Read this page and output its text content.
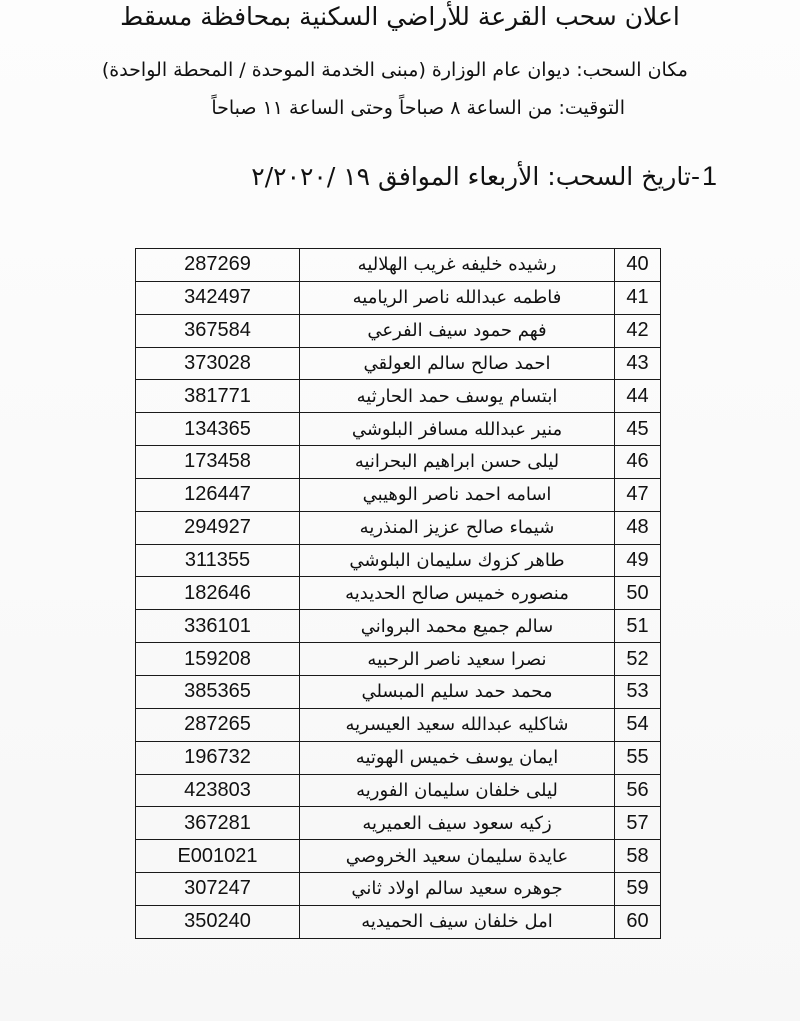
اعلان سحب القرعة للأراضي السكنية بمحافظة مسقط
مكان السحب: ديوان عام الوزارة (مبنى الخدمة الموحدة / المحطة الواحدة)
التوقيت: من الساعة ٨ صباحاً وحتى الساعة ١١ صباحاً
1-تاريخ السحب: الأربعاء الموافق ١٩ /٢/٢٠٢٠
287269	رشيده خليفه غريب الهلاليه	40
342497	فاطمه عبدالله ناصر الرياميه	41
367584	فهم حمود سيف الفرعي	42
373028	احمد صالح سالم العولقي	43
381771	ابتسام يوسف حمد الحارثيه	44
134365	منير عبدالله مسافر البلوشي	45
173458	ليلى حسن ابراهيم البحرانيه	46
126447	اسامه احمد ناصر الوهيبي	47
294927	شيماء صالح عزيز المنذريه	48
311355	طاهر كزوك سليمان البلوشي	49
182646	منصوره خميس صالح الحديديه	50
336101	سالم جميع محمد البرواني	51
159208	نصرا سعيد ناصر الرحبيه	52
385365	محمد حمد سليم المبسلي	53
287265	شاكليه عبدالله سعيد العيسريه	54
196732	ايمان يوسف خميس الهوتيه	55
423803	ليلى خلفان سليمان الفوريه	56
367281	زكيه سعود سيف العميريه	57
E001021	عايدة سليمان سعيد الخروصي	58
307247	جوهره سعيد سالم اولاد ثاني	59
350240	امل خلفان سيف الحميديه	60
